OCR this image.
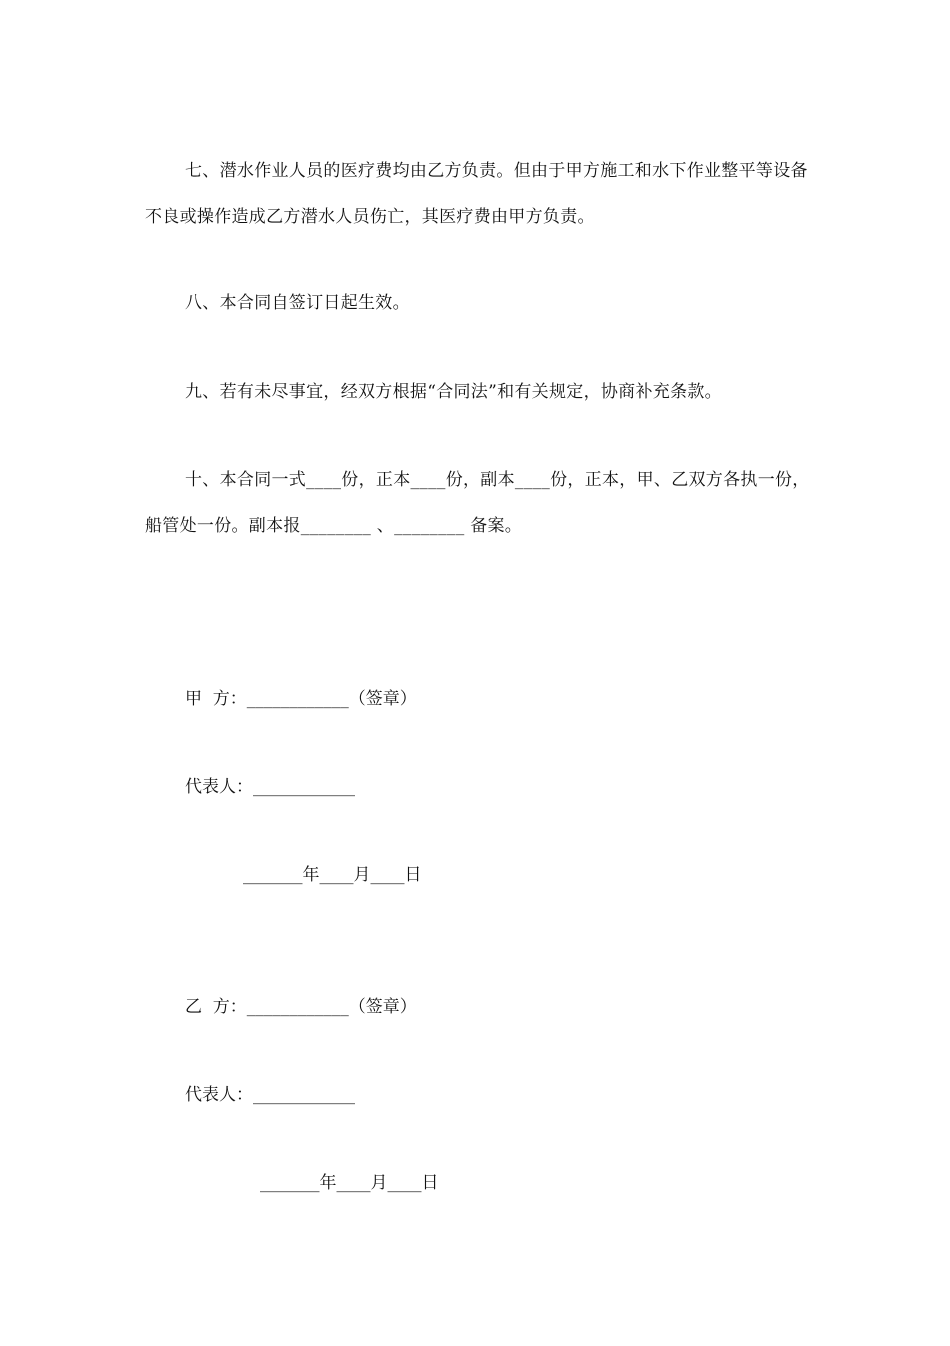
七、潜水作业人员的医疗费均由乙方负责。但由于甲方施工和水下作业整平等设备不良或操作造成乙方潜水人员伤亡，其医疗费由甲方负责。

八、本合同自签订日起生效。

九、若有未尽事宜，经双方根据“合同法”和有关规定，协商补充条款。

十、本合同一式____份，正本____份，副本____份，正本，甲、乙双方各执一份，船管处一份。副本报________ 、________ 备案。

甲  方：____________（签章）

代表人：____________

_______年____月____日

乙  方：____________（签章）

代表人：____________

_______年____月____日
